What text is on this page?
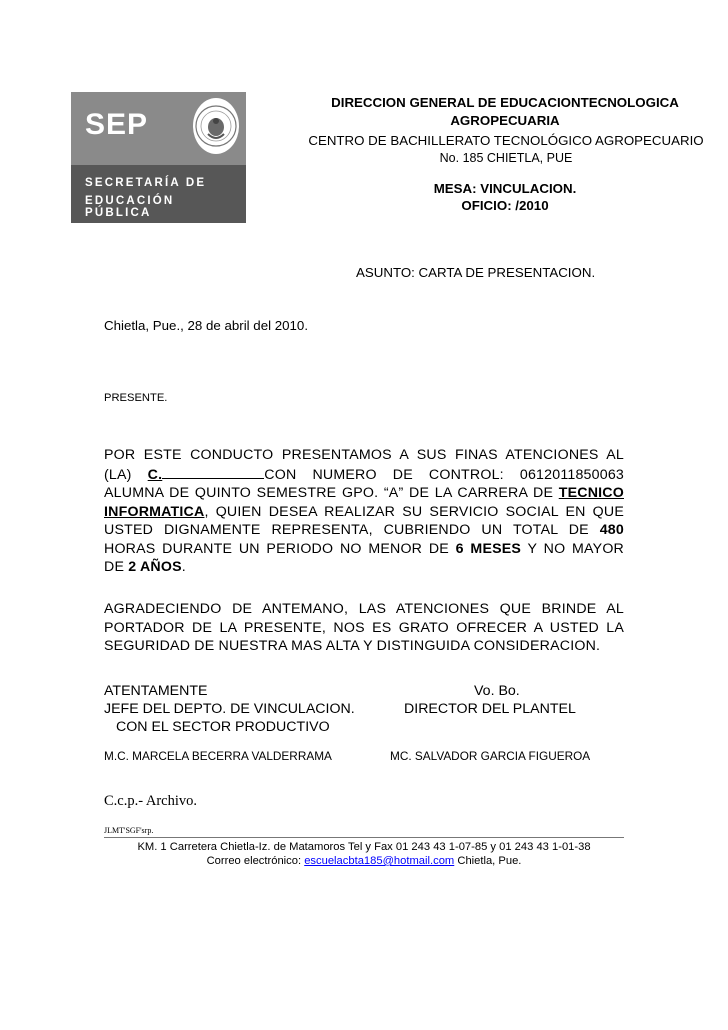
SEP
SECRETARÍA DE
EDUCACIÓN PÚBLICA
DIRECCION GENERAL DE EDUCACIONTECNOLOGICA
AGROPECUARIA
CENTRO DE BACHILLERATO TECNOLÓGICO AGROPECUARIO
No. 185 CHIETLA, PUE
MESA: VINCULACION.
OFICIO: /2010
ASUNTO: CARTA DE PRESENTACION.
Chietla, Pue., 28 de abril del 2010.
PRESENTE.
POR ESTE CONDUCTO PRESENTAMOS A SUS FINAS ATENCIONES AL
(LA) C.	CON NUMERO DE CONTROL: 0612011850063
ALUMNA DE QUINTO SEMESTRE GPO. “A” DE LA CARRERA DE TECNICO
INFORMATICA, QUIEN DESEA REALIZAR SU SERVICIO SOCIAL EN QUE
USTED DIGNAMENTE REPRESENTA, CUBRIENDO UN TOTAL DE 480
HORAS DURANTE UN PERIODO NO MENOR DE 6 MESES Y NO MAYOR
DE 2 AÑOS.
AGRADECIENDO DE ANTEMANO, LAS ATENCIONES QUE BRINDE AL
PORTADOR DE LA PRESENTE, NOS ES GRATO OFRECER A USTED LA
SEGURIDAD DE NUESTRA MAS ALTA Y DISTINGUIDA CONSIDERACION.
ATENTAMENTE	Vo. Bo.
JEFE DEL DEPTO. DE VINCULACION.	DIRECTOR DEL PLANTEL
CON EL SECTOR PRODUCTIVO
M.C. MARCELA BECERRA VALDERRAMA	MC. SALVADOR GARCIA FIGUEROA
C.c.p.- Archivo.
JLMT'SGF'srp.
KM. 1 Carretera Chietla-Iz. de Matamoros Tel y Fax 01 243 43 1-07-85 y 01 243 43 1-01-38
Correo electrónico: escuelacbta185@hotmail.com Chietla, Pue.
